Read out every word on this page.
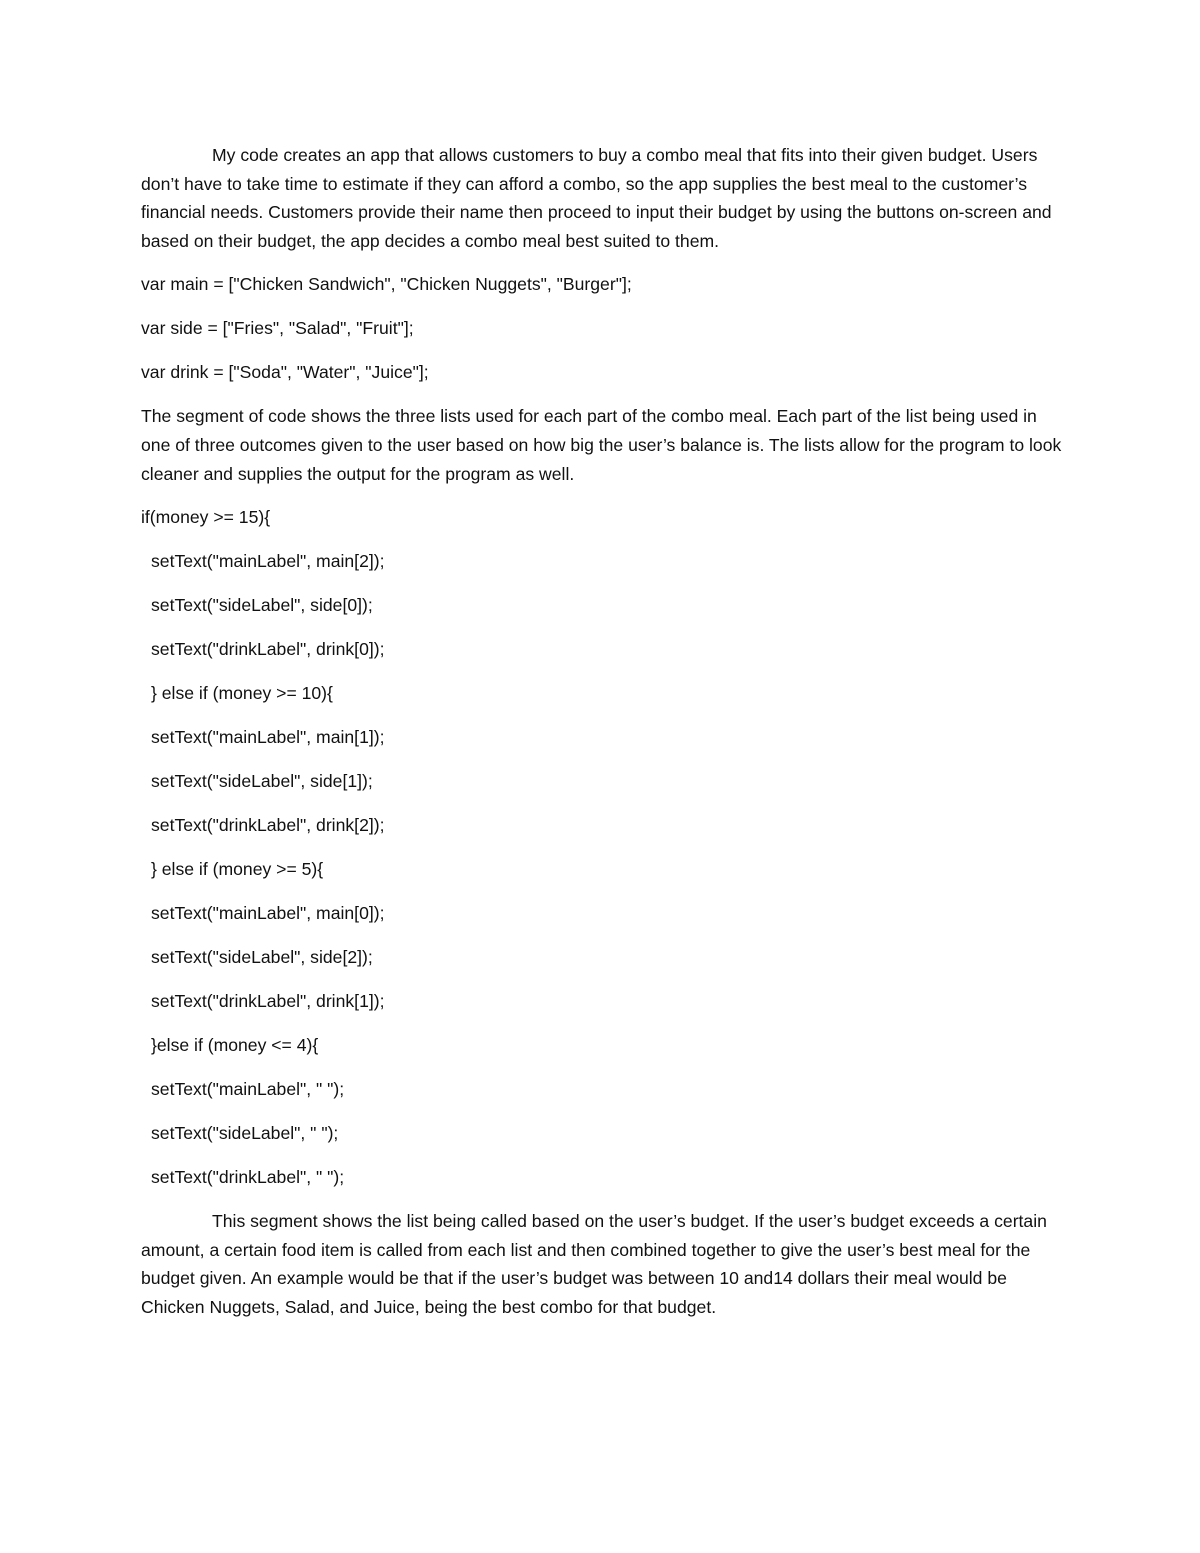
My code creates an app that allows customers to buy a combo meal that fits into their given budget. Users don’t have to take time to estimate if they can afford a combo, so the app supplies the best meal to the customer’s financial needs. Customers provide their name then proceed to input their budget by using the buttons on-screen and based on their budget, the app decides a combo meal best suited to them.

var main = ["Chicken Sandwich", "Chicken Nuggets", "Burger"];

var side = ["Fries", "Salad", "Fruit"];

var drink = ["Soda", "Water", "Juice"];

The segment of code shows the three lists used for each part of the combo meal. Each part of the list being used in one of three outcomes given to the user based on how big the user’s balance is. The lists allow for the program to look cleaner and supplies the output for the program as well.

if(money >= 15){

setText("mainLabel", main[2]);

setText("sideLabel", side[0]);

setText("drinkLabel", drink[0]);

} else if (money >= 10){

setText("mainLabel", main[1]);

setText("sideLabel", side[1]);

setText("drinkLabel", drink[2]);

} else if (money >= 5){

setText("mainLabel", main[0]);

setText("sideLabel", side[2]);

setText("drinkLabel", drink[1]);

}else if (money <= 4){

setText("mainLabel", " ");

setText("sideLabel", " ");

setText("drinkLabel", " ");

This segment shows the list being called based on the user’s budget. If the user’s budget exceeds a certain amount, a certain food item is called from each list and then combined together to give the user’s best meal for the budget given. An example would be that if the user’s budget was between 10 and14 dollars their meal would be Chicken Nuggets, Salad, and Juice, being the best combo for that budget.
